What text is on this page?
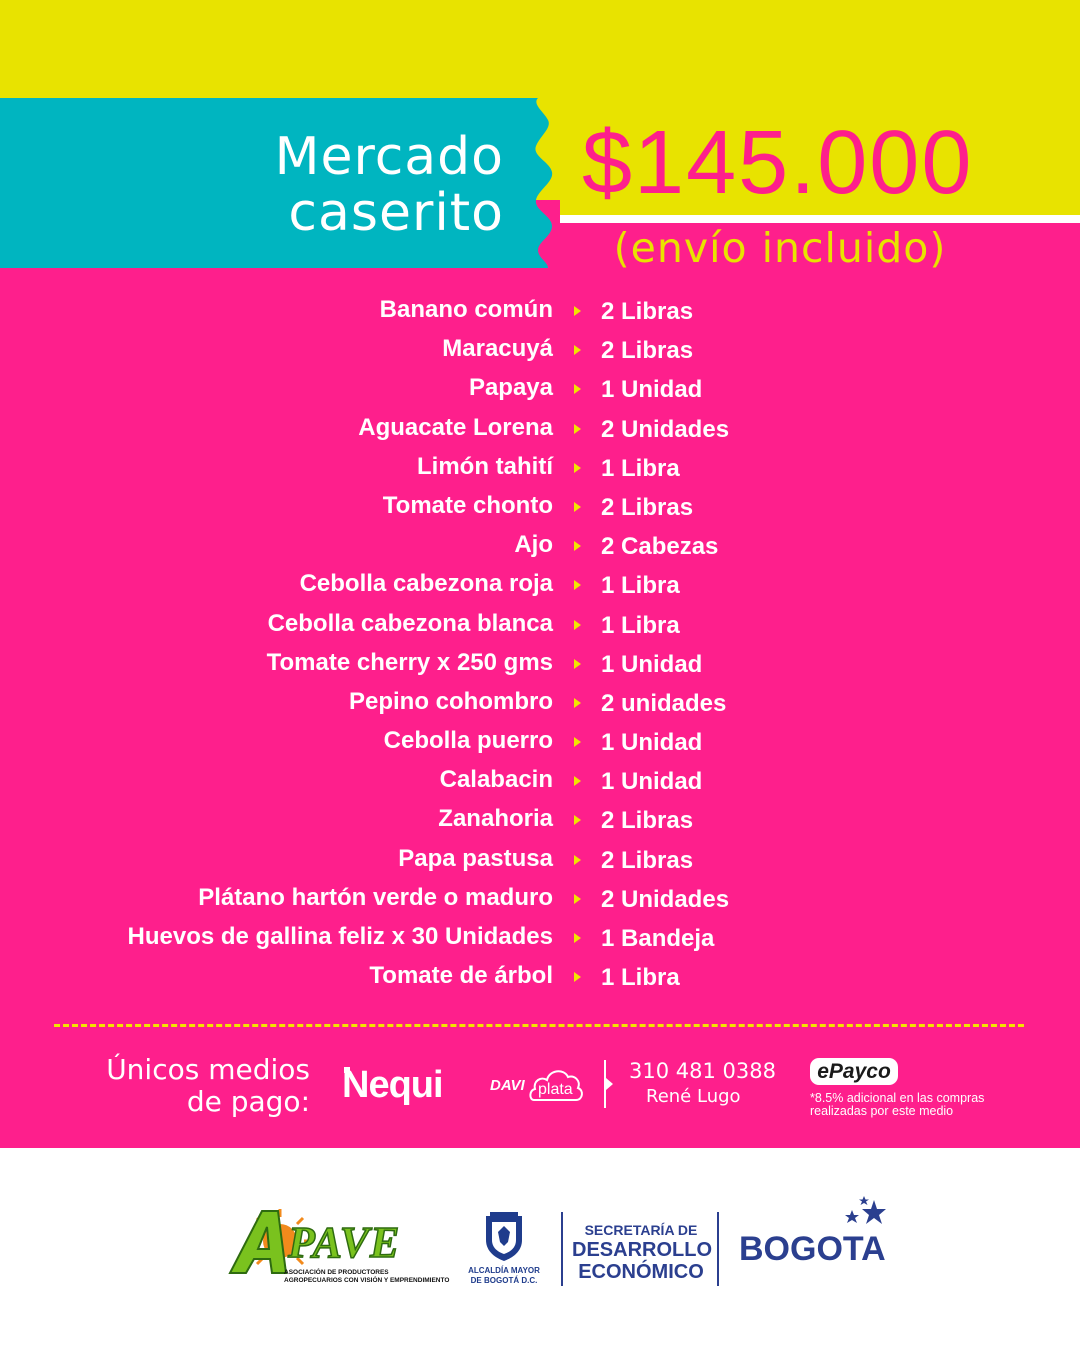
Mercado
caserito $145.000
(envío incluido)
Banano común 2 Libras
Maracuyá 2 Libras
Papaya 1 Unidad
Aguacate Lorena 2 Unidades
Limón tahití 1 Libra
Tomate chonto 2 Libras
Ajo 2 Cabezas
Cebolla cabezona roja 1 Libra
Cebolla cabezona blanca 1 Libra
Tomate cherry x 250 gms 1 Unidad
Pepino cohombro 2 unidades
Cebolla puerro 1 Unidad
Calabacin 1 Unidad
Zanahoria 2 Libras
Papa pastusa 2 Libras
Plátano hartón verde o maduro 2 Unidades
Huevos de gallina feliz x 30 Unidades 1 Bandeja
Tomate de árbol 1 Libra
Únicos medios
de pago: Nequi	DAVI plata
310 481 0388
René Lugo
ePayco
*8.5% adicional en las compras realizadas por este medio
PAVE
ASOCIACIÓN DE PRODUCTORES
AGROPECUARIOS CON VISIÓN Y EMPRENDIMIENTO
ALCALDÍA MAYOR
DE BOGOTÁ D.C.
SECRETARÍA DE
DESARROLLO
ECONÓMICO
BOGOTA
